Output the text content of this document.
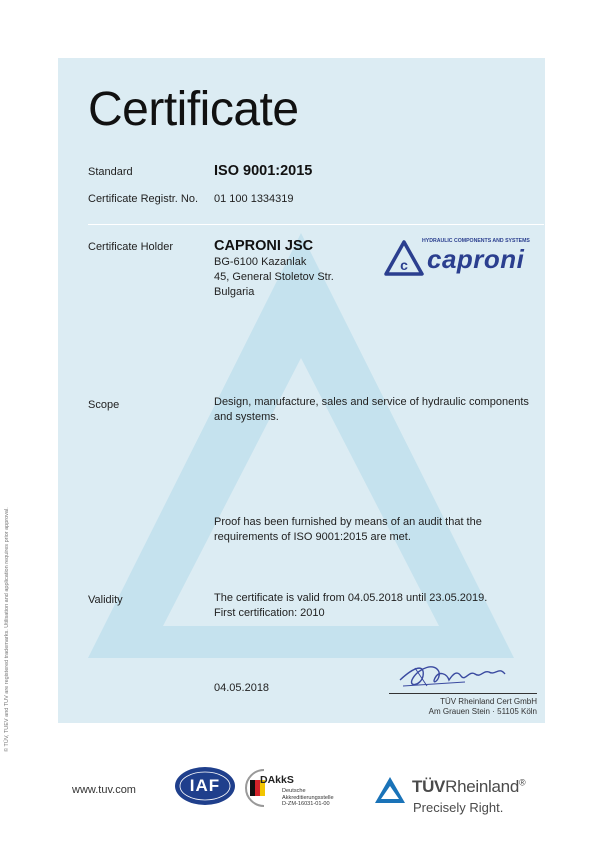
Certificate
Standard	ISO 9001:2015
Certificate Registr. No. 01 100 1334319
Certificate Holder	CAPRONI JSC
BG-6100 Kazanlak
45, General Stoletov Str.
Bulgaria
HYDRAULIC COMPONENTS AND SYSTEMS
c caproni
Scope	Design, manufacture, sales and service of hydraulic components
and systems.
Proof has been furnished by means of an audit that the
requirements of ISO 9001:2015 are met.
Validity	The certificate is valid from 04.05.2018 until 23.05.2019.
First certification: 2010
04.05.2018
TÜV Rheinland Cert GmbH
Am Grauen Stein · 51105 Köln
© TÜV, TUEV and TUV are registered trademarks. Utilisation and application requires prior approval.
www.tuv.com	IAF	DAkkS
Deutsche
Akkreditierungsstelle
D-ZM-16031-01-00
TÜVRheinland®
Precisely Right.
